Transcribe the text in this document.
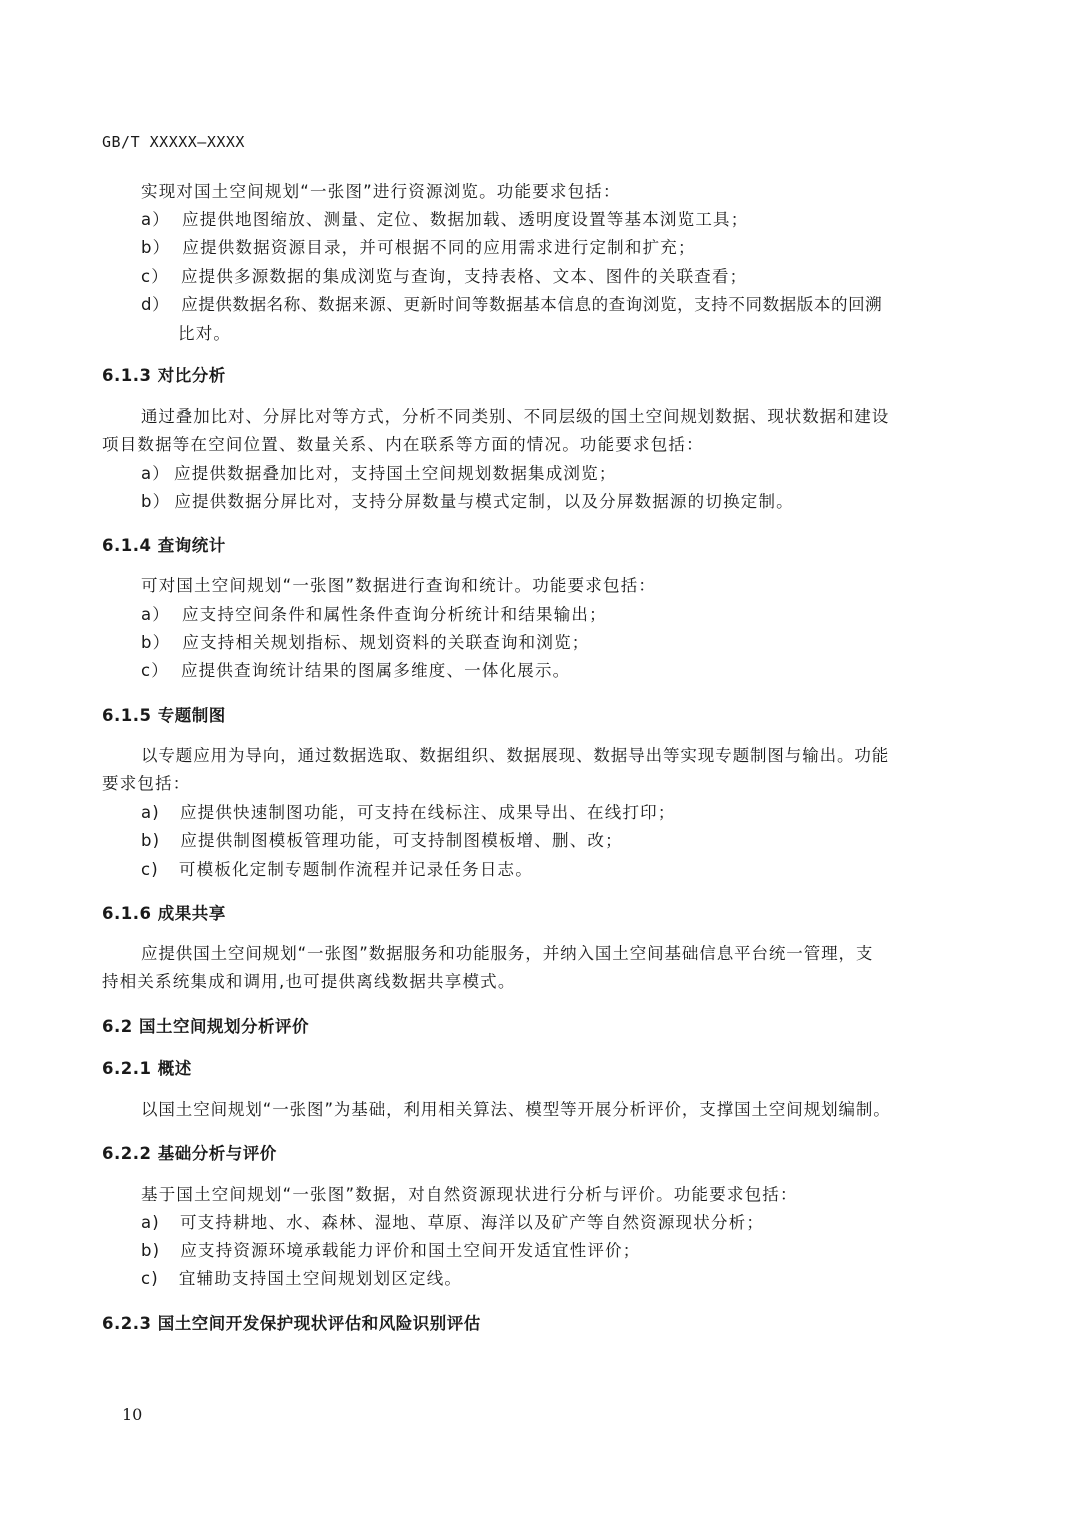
GB/T XXXXX—XXXX
实现对国土空间规划“一张图”进行资源浏览。功能要求包括：
a） 应提供地图缩放、测量、定位、数据加载、透明度设置等基本浏览工具；
b） 应提供数据资源目录，并可根据不同的应用需求进行定制和扩充；
c） 应提供多源数据的集成浏览与查询，支持表格、文本、图件的关联查看；
d） 应提供数据名称、数据来源、更新时间等数据基本信息的查询浏览，支持不同数据版本的回溯
比对。
6.1.3 对比分析
通过叠加比对、分屏比对等方式，分析不同类别、不同层级的国土空间规划数据、现状数据和建设
项目数据等在空间位置、数量关系、内在联系等方面的情况。功能要求包括：
a） 应提供数据叠加比对，支持国土空间规划数据集成浏览；
b） 应提供数据分屏比对，支持分屏数量与模式定制，以及分屏数据源的切换定制。
6.1.4 查询统计
可对国土空间规划“一张图”数据进行查询和统计。功能要求包括：
a） 应支持空间条件和属性条件查询分析统计和结果输出；
b） 应支持相关规划指标、规划资料的关联查询和浏览；
c） 应提供查询统计结果的图属多维度、一体化展示。
6.1.5 专题制图
以专题应用为导向，通过数据选取、数据组织、数据展现、数据导出等实现专题制图与输出。功能
要求包括：
a) 应提供快速制图功能，可支持在线标注、成果导出、在线打印；
b) 应提供制图模板管理功能，可支持制图模板增、删、改；
c) 可模板化定制专题制作流程并记录任务日志。
6.1.6 成果共享
应提供国土空间规划“一张图”数据服务和功能服务，并纳入国土空间基础信息平台统一管理，支
持相关系统集成和调用,也可提供离线数据共享模式。
6.2 国土空间规划分析评价
6.2.1 概述
以国土空间规划“一张图”为基础，利用相关算法、模型等开展分析评价，支撑国土空间规划编制。
6.2.2 基础分析与评价
基于国土空间规划“一张图”数据，对自然资源现状进行分析与评价。功能要求包括：
a) 可支持耕地、水、森林、湿地、草原、海洋以及矿产等自然资源现状分析；
b) 应支持资源环境承载能力评价和国土空间开发适宜性评价；
c) 宜辅助支持国土空间规划划区定线。
6.2.3 国土空间开发保护现状评估和风险识别评估
10
